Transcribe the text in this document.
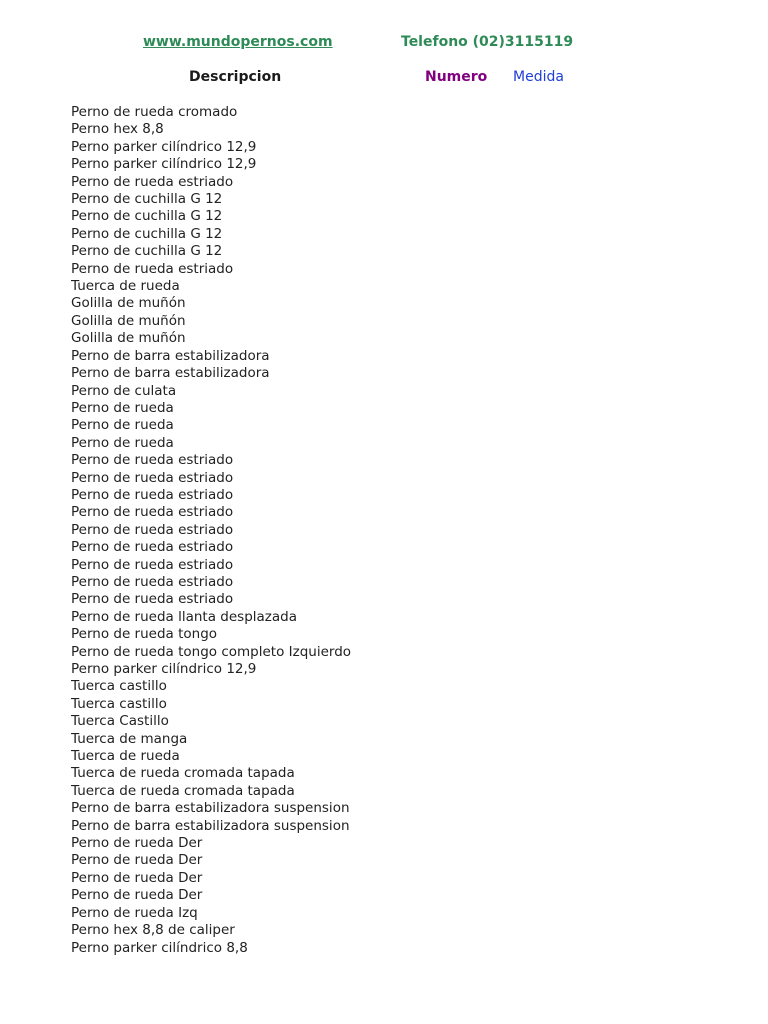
www.mundopernos.com	Telefono (02)3115119
Descripcion	Numero Medida
Perno de rueda cromado
Perno hex 8,8
Perno parker cilíndrico 12,9
Perno parker cilíndrico 12,9
Perno de rueda estriado
Perno de cuchilla G 12
Perno de cuchilla G 12
Perno de cuchilla G 12
Perno de cuchilla G 12
Perno de rueda estriado
Tuerca de rueda
Golilla de muñón
Golilla de muñón
Golilla de muñón
Perno de barra estabilizadora
Perno de barra estabilizadora
Perno de culata
Perno de rueda
Perno de rueda
Perno de rueda
Perno de rueda estriado
Perno de rueda estriado
Perno de rueda estriado
Perno de rueda estriado
Perno de rueda estriado
Perno de rueda estriado
Perno de rueda estriado
Perno de rueda estriado
Perno de rueda estriado
Perno de rueda llanta desplazada
Perno de rueda tongo
Perno de rueda tongo completo Izquierdo
Perno parker cilíndrico 12,9
Tuerca castillo
Tuerca castillo
Tuerca Castillo
Tuerca de manga
Tuerca de rueda
Tuerca de rueda cromada tapada
Tuerca de rueda cromada tapada
Perno de barra estabilizadora suspension
Perno de barra estabilizadora suspension
Perno de rueda Der
Perno de rueda Der
Perno de rueda Der
Perno de rueda Der
Perno de rueda Izq
Perno hex 8,8 de caliper
Perno parker cilíndrico 8,8
